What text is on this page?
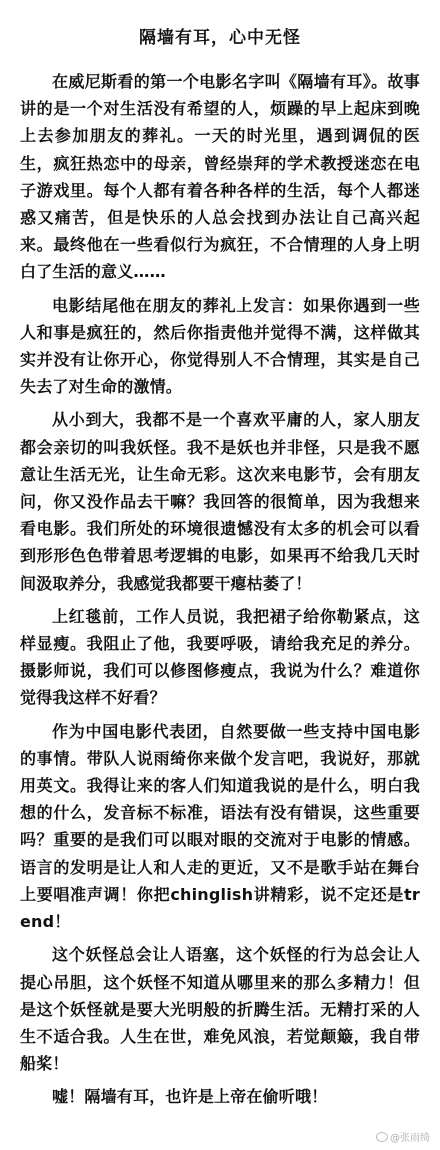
隔墙有耳，心中无怪

在威尼斯看的第一个电影名字叫《隔墙有耳》。故事讲的是一个对生活没有希望的人，烦躁的早上起床到晚上去参加朋友的葬礼。一天的时光里，遇到调侃的医生，疯狂热恋中的母亲，曾经崇拜的学术教授迷恋在电子游戏里。每个人都有着各种各样的生活，每个人都迷惑又痛苦，但是快乐的人总会找到办法让自己高兴起来。最终他在一些看似行为疯狂，不合情理的人身上明白了生活的意义……

电影结尾他在朋友的葬礼上发言：如果你遇到一些人和事是疯狂的，然后你指责他并觉得不满，这样做其实并没有让你开心，你觉得别人不合情理，其实是自己失去了对生命的激情。

从小到大，我都不是一个喜欢平庸的人，家人朋友都会亲切的叫我妖怪。我不是妖也并非怪，只是我不愿意让生活无光，让生命无彩。这次来电影节，会有朋友问，你又没作品去干嘛？我回答的很简单，因为我想来看电影。我们所处的环境很遗憾没有太多的机会可以看到形形色色带着思考逻辑的电影，如果再不给我几天时间汲取养分，我感觉我都要干瘪枯萎了！

上红毯前，工作人员说，我把裙子给你勒紧点，这样显瘦。我阻止了他，我要呼吸，请给我充足的养分。摄影师说，我们可以修图修瘦点，我说为什么？难道你觉得我这样不好看？

作为中国电影代表团，自然要做一些支持中国电影的事情。带队人说雨绮你来做个发言吧，我说好，那就用英文。我得让来的客人们知道我说的是什么，明白我想的什么，发音标不标准，语法有没有错误，这些重要吗？重要的是我们可以眼对眼的交流对于电影的情感。语言的发明是让人和人走的更近，又不是歌手站在舞台上要唱准声调！你把chinglish讲精彩，说不定还是trend！

这个妖怪总会让人语塞，这个妖怪的行为总会让人提心吊胆，这个妖怪不知道从哪里来的那么多精力！但是这个妖怪就是要大光明般的折腾生活。无精打采的人生不适合我。人生在世，难免风浪，若觉颠簸，我自带船桨！

嘘！隔墙有耳，也许是上帝在偷听哦！

@张雨绮
